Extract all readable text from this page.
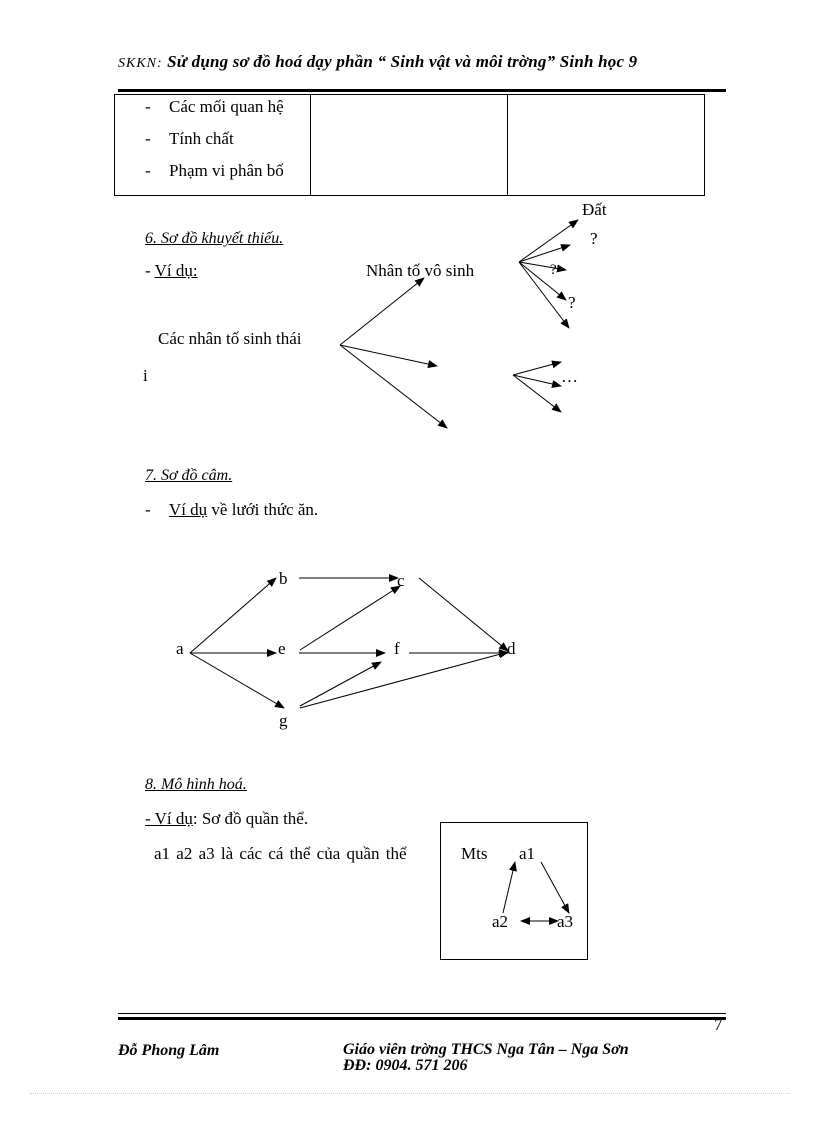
SKKN: Sử dụng sơ đồ hoá dạy phần “ Sinh vật và môi trờng” Sinh học 9
- Các mối quan hệ
- Tính chất
- Phạm vi phân bố

6. Sơ đồ khuyết thiếu.
- Ví dụ:	Nhân tố vô sinh
Các nhân tố sinh thái
i
Đất
?
?
?
…
7. Sơ đồ câm.
- Ví dụ về lưới thức ăn.
a
b	c
d
e	f
g
8. Mô hình hoá.
- Ví dụ: Sơ đồ quần thể.
a1 a2 a3 là các cá thể của quần thể	Mts a1
a2	a3
7
Đỗ Phong Lâm	Giáo viên trờng THCS Nga Tân – Nga Sơn
ĐĐ: 0904. 571 206
